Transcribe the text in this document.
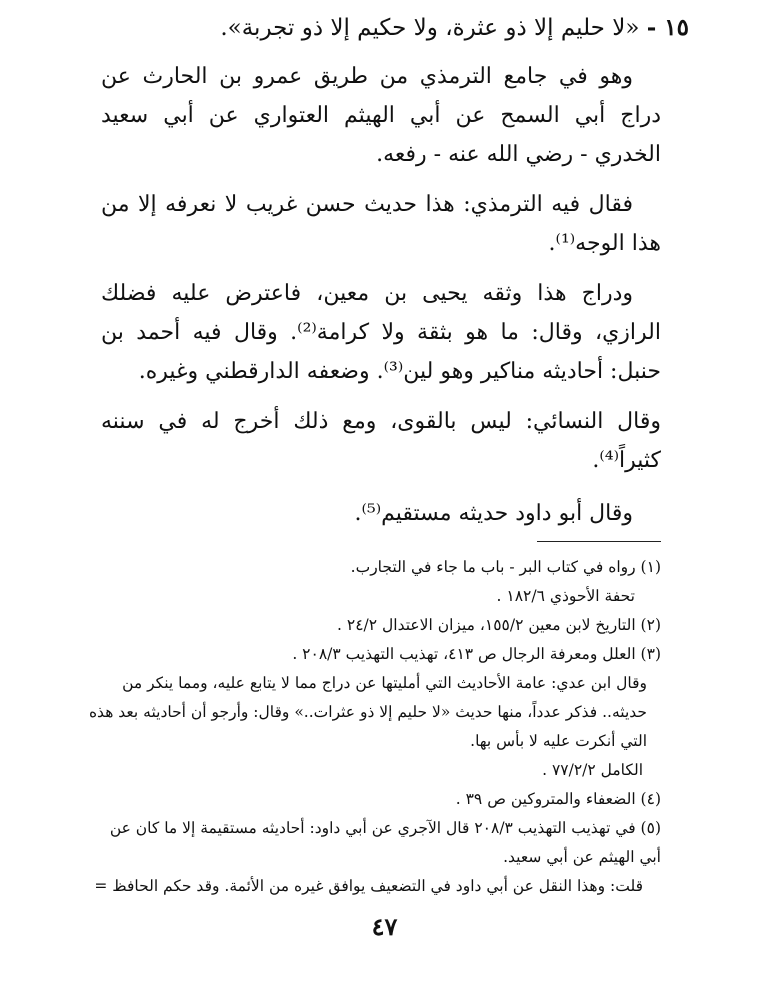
١٥ - «لا حليم إلا ذو عثرة، ولا حكيم إلا ذو تجربة».

وهو في جامع الترمذي من طريق عمرو بن الحارث عن دراج أبي السمح عن أبي الهيثم العتواري عن أبي سعيد الخدري - رضي الله عنه - رفعه.

فقال فيه الترمذي: هذا حديث حسن غريب لا نعرفه إلا من هذا الوجه⁽¹⁾.

ودراج هذا وثقه يحيى بن معين، فاعترض عليه فضلك الرازي، وقال: ما هو بثقة ولا كرامة⁽²⁾. وقال فيه أحمد بن حنبل: أحاديثه مناكير وهو لين⁽³⁾. وضعفه الدارقطني وغيره.

وقال النسائي: ليس بالقوى، ومع ذلك أخرج له في سننه كثيراً⁽⁴⁾.

وقال أبو داود حديثه مستقيم⁽⁵⁾.

(١) رواه في كتاب البر - باب ما جاء في التجارب.

تحفة الأحوذي ١٨٢/٦ .

(٢) التاريخ لابن معين ١٥٥/٢، ميزان الاعتدال ٢٤/٢ .

(٣) العلل ومعرفة الرجال ص ٤١٣، تهذيب التهذيب ٢٠٨/٣ .

وقال ابن عدي: عامة الأحاديث التي أمليتها عن دراج مما لا يتابع عليه، ومما ينكر من حديثه.. فذكر عدداً، منها حديث «لا حليم إلا ذو عثرات..» وقال: وأرجو أن أحاديثه بعد هذه التي أنكرت عليه لا بأس بها.

الكامل ٧٧/٢/٢ .

(٤) الضعفاء والمتروكين ص ٣٩ .

(٥) في تهذيب التهذيب ٢٠٨/٣ قال الآجري عن أبي داود: أحاديثه مستقيمة إلا ما كان عن أبي الهيثم عن أبي سعيد.

قلت: وهذا النقل عن أبي داود في التضعيف يوافق غيره من الأئمة. وقد حكم الحافظ =

٤٧
